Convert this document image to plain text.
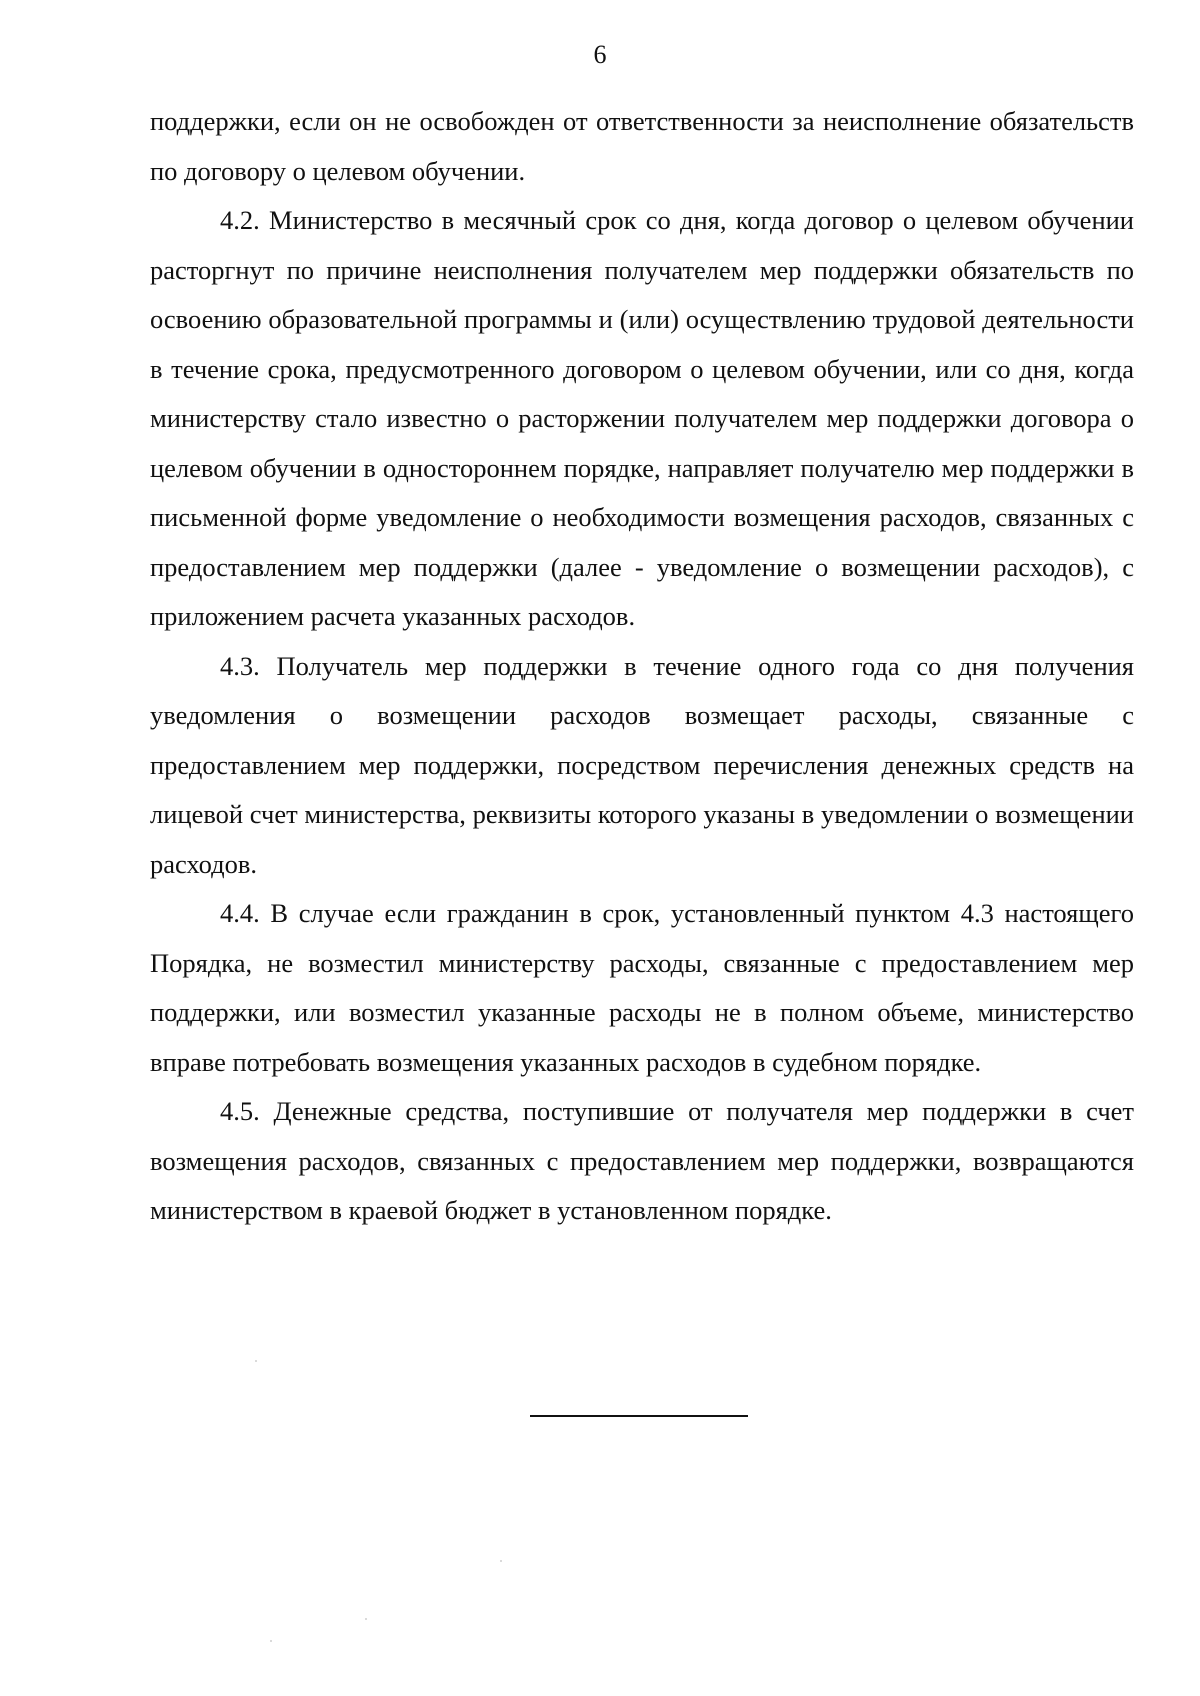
6

поддержки, если он не освобожден от ответственности за неисполнение обязательств по договору о целевом обучении.

4.2. Министерство в месячный срок со дня, когда договор о целевом обучении расторгнут по причине неисполнения получателем мер поддержки обязательств по освоению образовательной программы и (или) осуществлению трудовой деятельности в течение срока, предусмотренного договором о целевом обучении, или со дня, когда министерству стало известно о расторжении получателем мер поддержки договора о целевом обучении в одностороннем порядке, направляет получателю мер поддержки в письменной форме уведомление о необходимости возмещения расходов, связанных с предоставлением мер поддержки (далее - уведомление о возмещении расходов), с приложением расчета указанных расходов.

4.3. Получатель мер поддержки в течение одного года со дня получения уведомления о возмещении расходов возмещает расходы, связанные с предоставлением мер поддержки, посредством перечисления денежных средств на лицевой счет министерства, реквизиты которого указаны в уведомлении о возмещении расходов.

4.4. В случае если гражданин в срок, установленный пунктом 4.3 настоящего Порядка, не возместил министерству расходы, связанные с предоставлением мер поддержки, или возместил указанные расходы не в полном объеме, министерство вправе потребовать возмещения указанных расходов в судебном порядке.

4.5. Денежные средства, поступившие от получателя мер поддержки в счет возмещения расходов, связанных с предоставлением мер поддержки, возвращаются министерством в краевой бюджет в установленном порядке.
